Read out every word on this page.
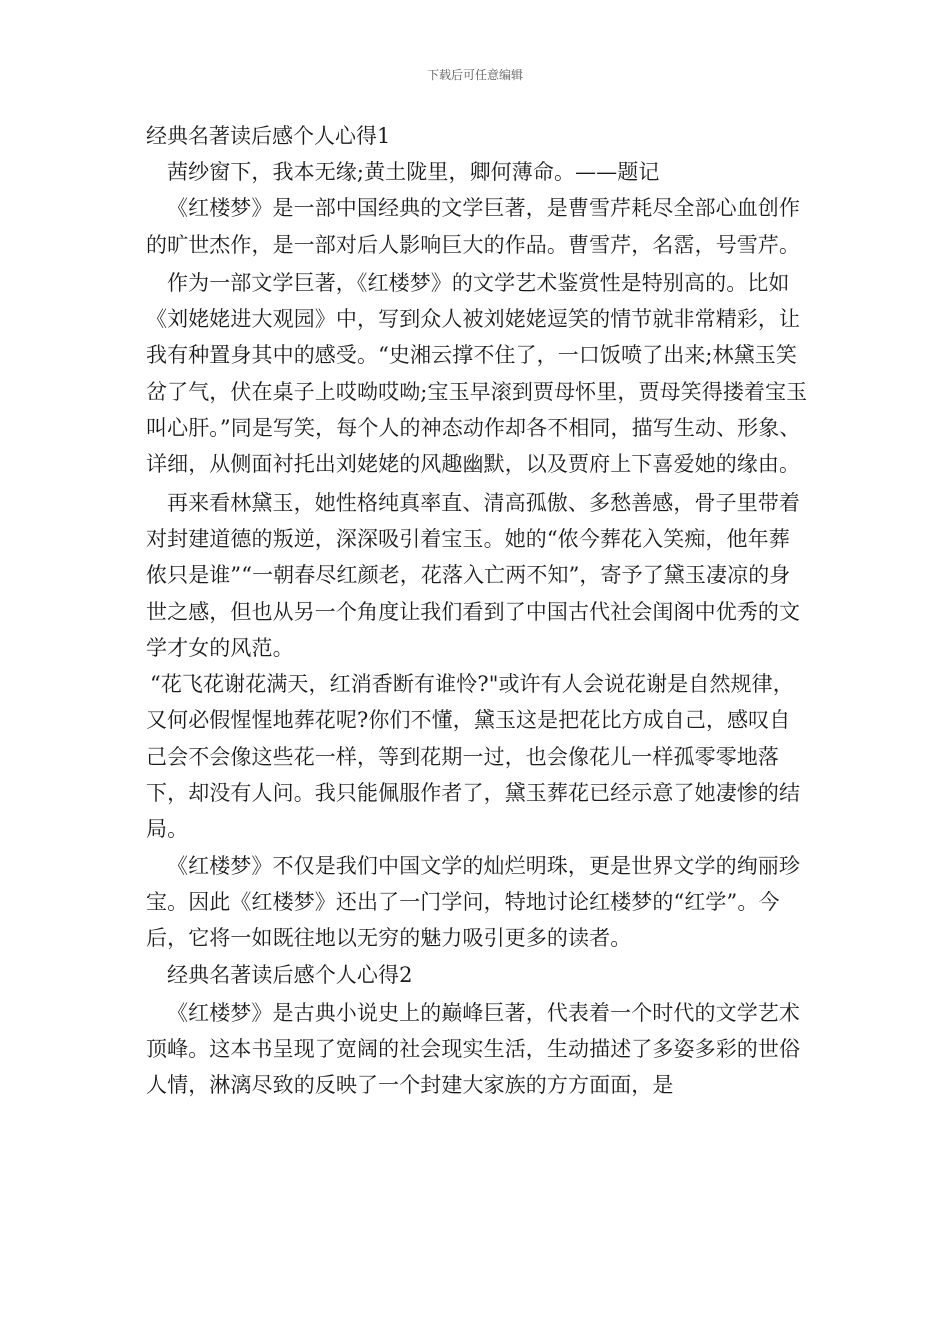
下载后可任意编辑

经典名著读后感个人心得1

茜纱窗下，我本无缘;黄土陇里，卿何薄命。——题记

《红楼梦》是一部中国经典的文学巨著，是曹雪芹耗尽全部心血创作的旷世杰作，是一部对后人影响巨大的作品。曹雪芹，名霑，号雪芹。

作为一部文学巨著，《红楼梦》的文学艺术鉴赏性是特别高的。比如《刘姥姥进大观园》中，写到众人被刘姥姥逗笑的情节就非常精彩，让我有种置身其中的感受。“史湘云撑不住了，一口饭喷了出来;林黛玉笑岔了气，伏在桌子上哎呦哎呦;宝玉早滚到贾母怀里，贾母笑得搂着宝玉叫心肝。”同是写笑，每个人的神态动作却各不相同，描写生动、形象、详细，从侧面衬托出刘姥姥的风趣幽默，以及贾府上下喜爱她的缘由。

再来看林黛玉，她性格纯真率直、清高孤傲、多愁善感，骨子里带着对封建道德的叛逆，深深吸引着宝玉。她的“侬今葬花入笑痴，他年葬侬只是谁”“一朝春尽红颜老，花落入亡两不知”，寄予了黛玉凄凉的身世之感，但也从另一个角度让我们看到了中国古代社会闺阁中优秀的文学才女的风范。

“花飞花谢花满天，红消香断有谁怜?"或许有人会说花谢是自然规律，又何必假惺惺地葬花呢?你们不懂，黛玉这是把花比方成自己，感叹自己会不会像这些花一样，等到花期一过，也会像花儿一样孤零零地落下，却没有人问。我只能佩服作者了，黛玉葬花已经示意了她凄惨的结局。

《红楼梦》不仅是我们中国文学的灿烂明珠，更是世界文学的绚丽珍宝。因此《红楼梦》还出了一门学问，特地讨论红楼梦的“红学”。今后，它将一如既往地以无穷的魅力吸引更多的读者。

经典名著读后感个人心得2

《红楼梦》是古典小说史上的巅峰巨著，代表着一个时代的文学艺术顶峰。这本书呈现了宽阔的社会现实生活，生动描述了多姿多彩的世俗人情，淋漓尽致的反映了一个封建大家族的方方面面，是
